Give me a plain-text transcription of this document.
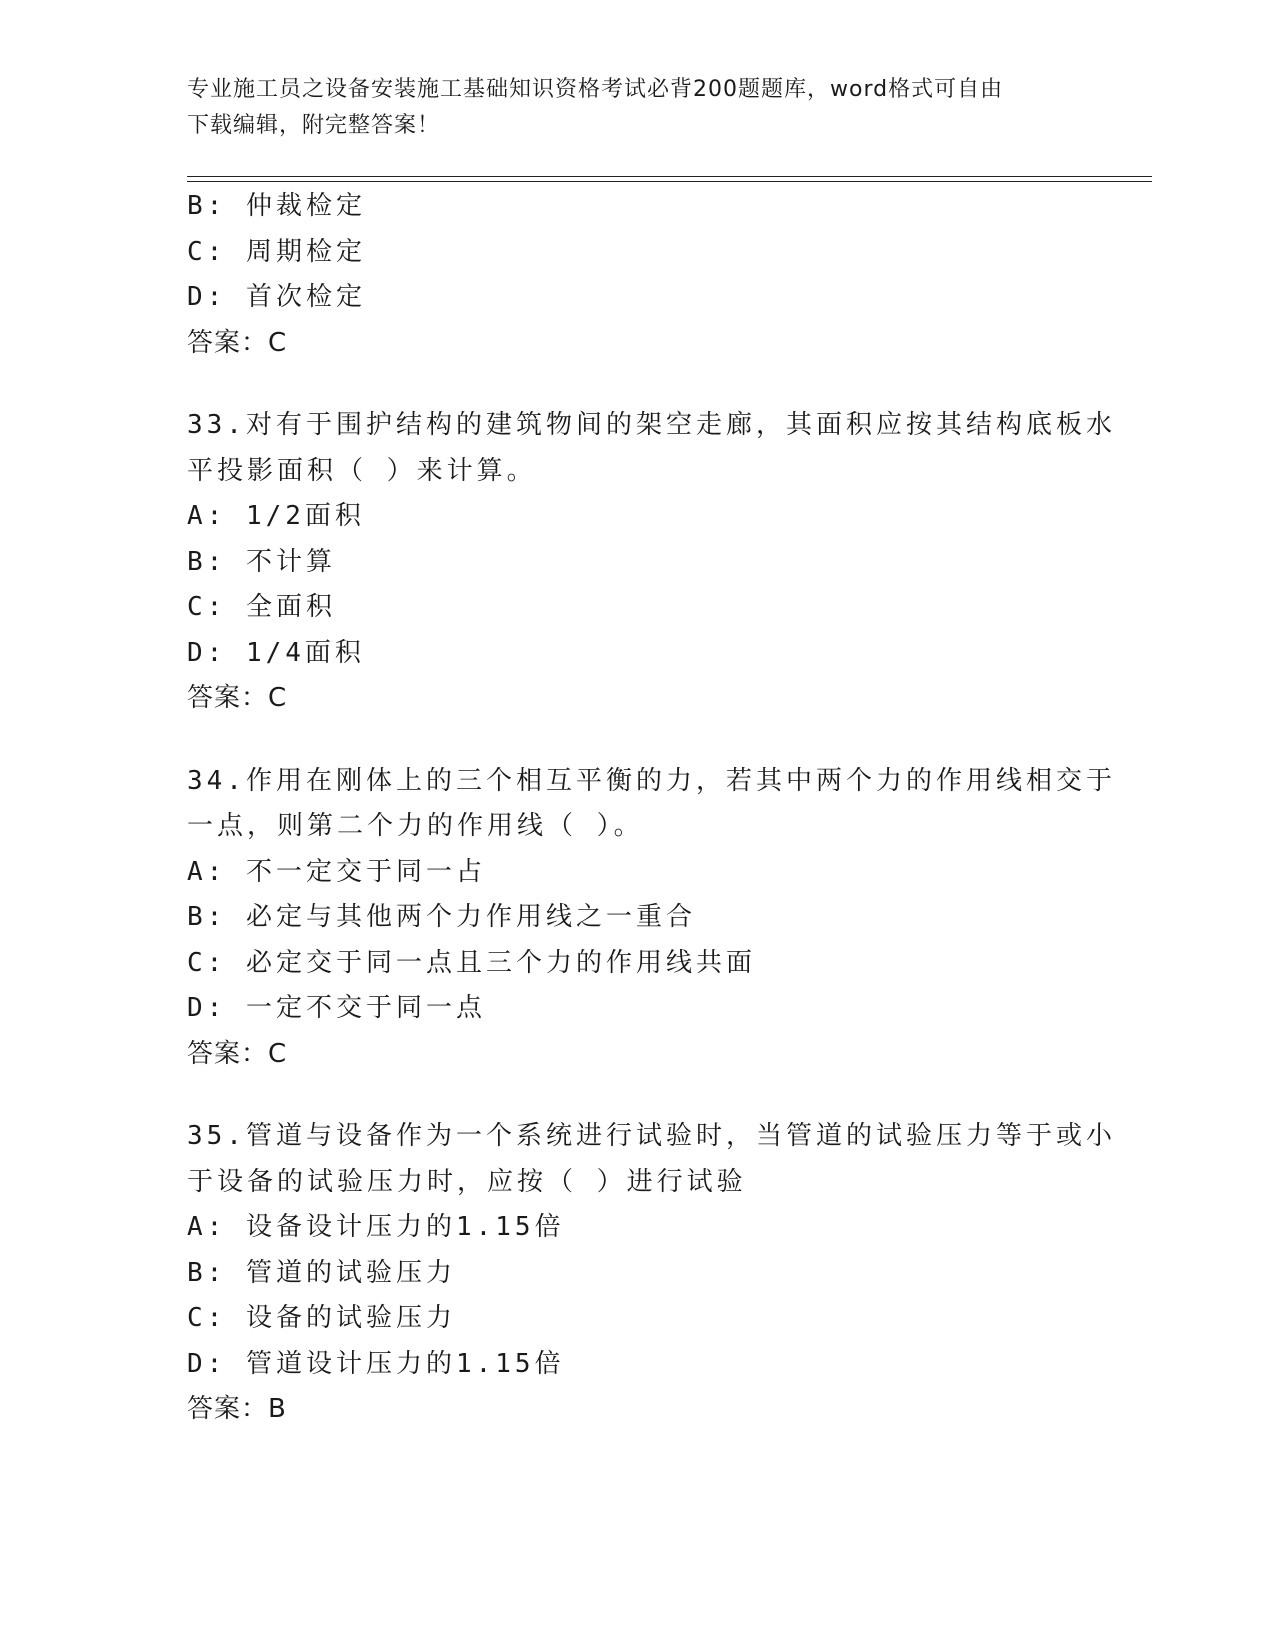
专业施工员之设备安装施工基础知识资格考试必背200题题库，word格式可自由
下载编辑，附完整答案！
B: 仲裁检定
C: 周期检定
D: 首次检定
答案：C
33.对有于围护结构的建筑物间的架空走廊，其面积应按其结构底板水
平投影面积（ ）来计算。
A: 1/2面积
B: 不计算
C: 全面积
D: 1/4面积
答案：C
34.作用在刚体上的三个相互平衡的力，若其中两个力的作用线相交于
一点，则第二个力的作用线（ ）。
A: 不一定交于同一占
B: 必定与其他两个力作用线之一重合
C: 必定交于同一点且三个力的作用线共面
D: 一定不交于同一点
答案：C
35.管道与设备作为一个系统进行试验时，当管道的试验压力等于或小
于设备的试验压力时，应按（ ）进行试验
A: 设备设计压力的1.15倍
B: 管道的试验压力
C: 设备的试验压力
D: 管道设计压力的1.15倍
答案：B
